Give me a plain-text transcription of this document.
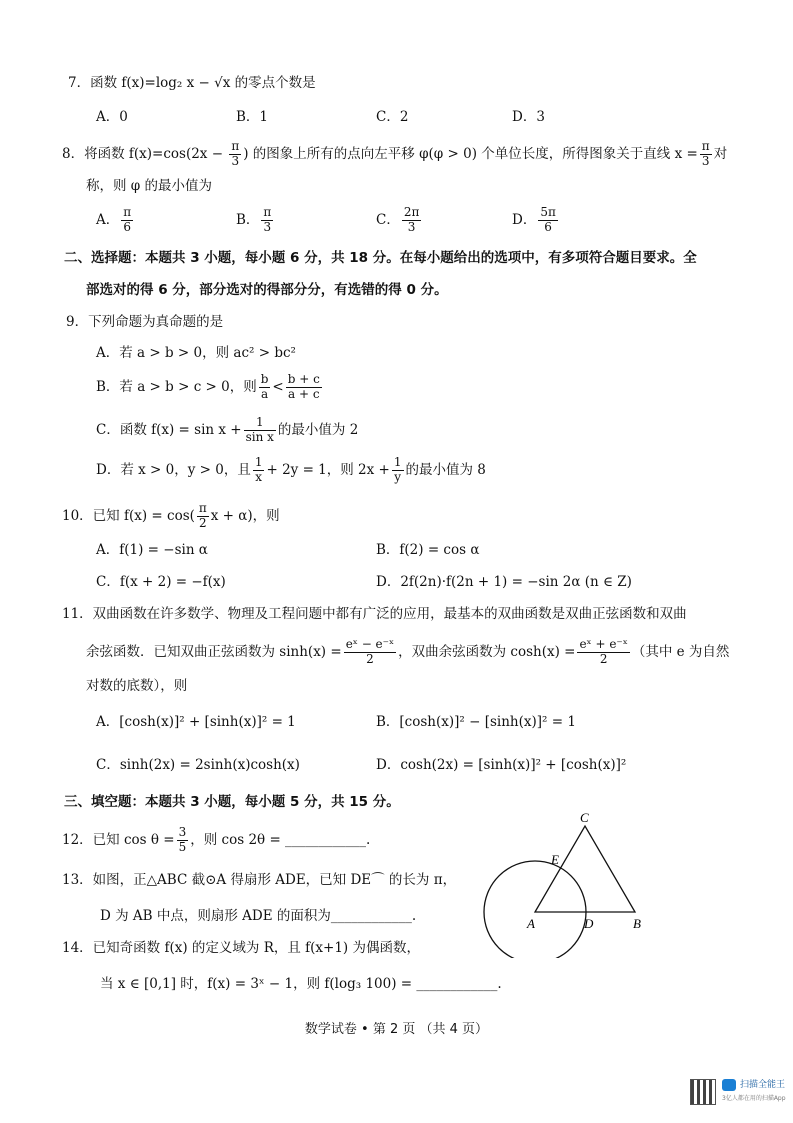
7．函数 f(x)=log₂ x − √x 的零点个数是
A．0	B．1	C．2	D．3
8．将函数 $f(x)=\cos(2x - \frac{\pi}{3}$ ) 的图象上所有的点向左平移 φ(φ > 0) 个单位长度，所得图象关于直线 $x = \frac{\pi}{3}$ 对
称，则 φ 的最小值为
A． $\frac{\pi}{6}$	B． $\frac{\pi}{3}$	C． $\frac{2\pi}{3}$	D． $\frac{5\pi}{6}$
二、选择题：本题共 3 小题，每小题 6 分，共 18 分。在每小题给出的选项中，有多项符合题目要求。全
部选对的得 6 分，部分选对的得部分分，有选错的得 0 分。
9．下列命题为真命题的是
A．若 a > b > 0，则 ac² > bc²
B．若 a > b > c > 0，则 $\frac{b}{a} < \frac{b + c}{a + c}$
C．函数 $f(x) = \sin x + \frac{1}{\text{sin x}}$ 的最小值为 2
D．若 x > 0，y > 0，且 $\frac{1}{x} + 2y = 1$，则 $2x + \frac{1}{y}$ 的最小值为 8
10．已知 $f(x) = \cos( \frac{\pi}{2}$ x + α)，则
A．f(1) = −sin α	B．f(2) = cos α
C．f(x + 2) = −f(x)	D．2f(2n)·f(2n + 1) = −sin 2α (n ∈ Z)
11．双曲函数在许多数学、物理及工程问题中都有广泛的应用，最基本的双曲函数是双曲正弦函数和双曲
余弦函数．已知双曲正弦函数为 $\sinh(x) = \frac{\text{eˣ − e⁻ˣ}}{2}$ ，双曲余弦函数为 $\cosh(x) = \frac{\text{eˣ + e⁻ˣ}}{2}$ （其中 e 为自然
对数的底数），则
A．[cosh(x)]² + [sinh(x)]² = 1	B．[cosh(x)]² − [sinh(x)]² = 1
C．sinh(2x) = 2sinh(x)cosh(x)	D．cosh(2x) = [sinh(x)]² + [cosh(x)]²
三、填空题：本题共 3 小题，每小题 5 分，共 15 分。
12．已知 $\cos \theta = \frac{3}{5}$ ，则 cos 2θ = ____________.
13．如图，正△ABC 截⊙A 得扇形 ADE，已知 DE⌒ 的长为 π，
D 为 AB 中点，则扇形 ADE 的面积为____________.
14．已知奇函数 f(x) 的定义域为 R，且 f(x+1) 为偶函数，
当 x ∈ [0,1] 时，f(x) = 3ˣ − 1，则 f(log₃ 100) = ____________.
A	B
C
D
E
数学试卷 • 第 2 页 （共 4 页）
扫描全能王
3亿人都在用的扫描App
